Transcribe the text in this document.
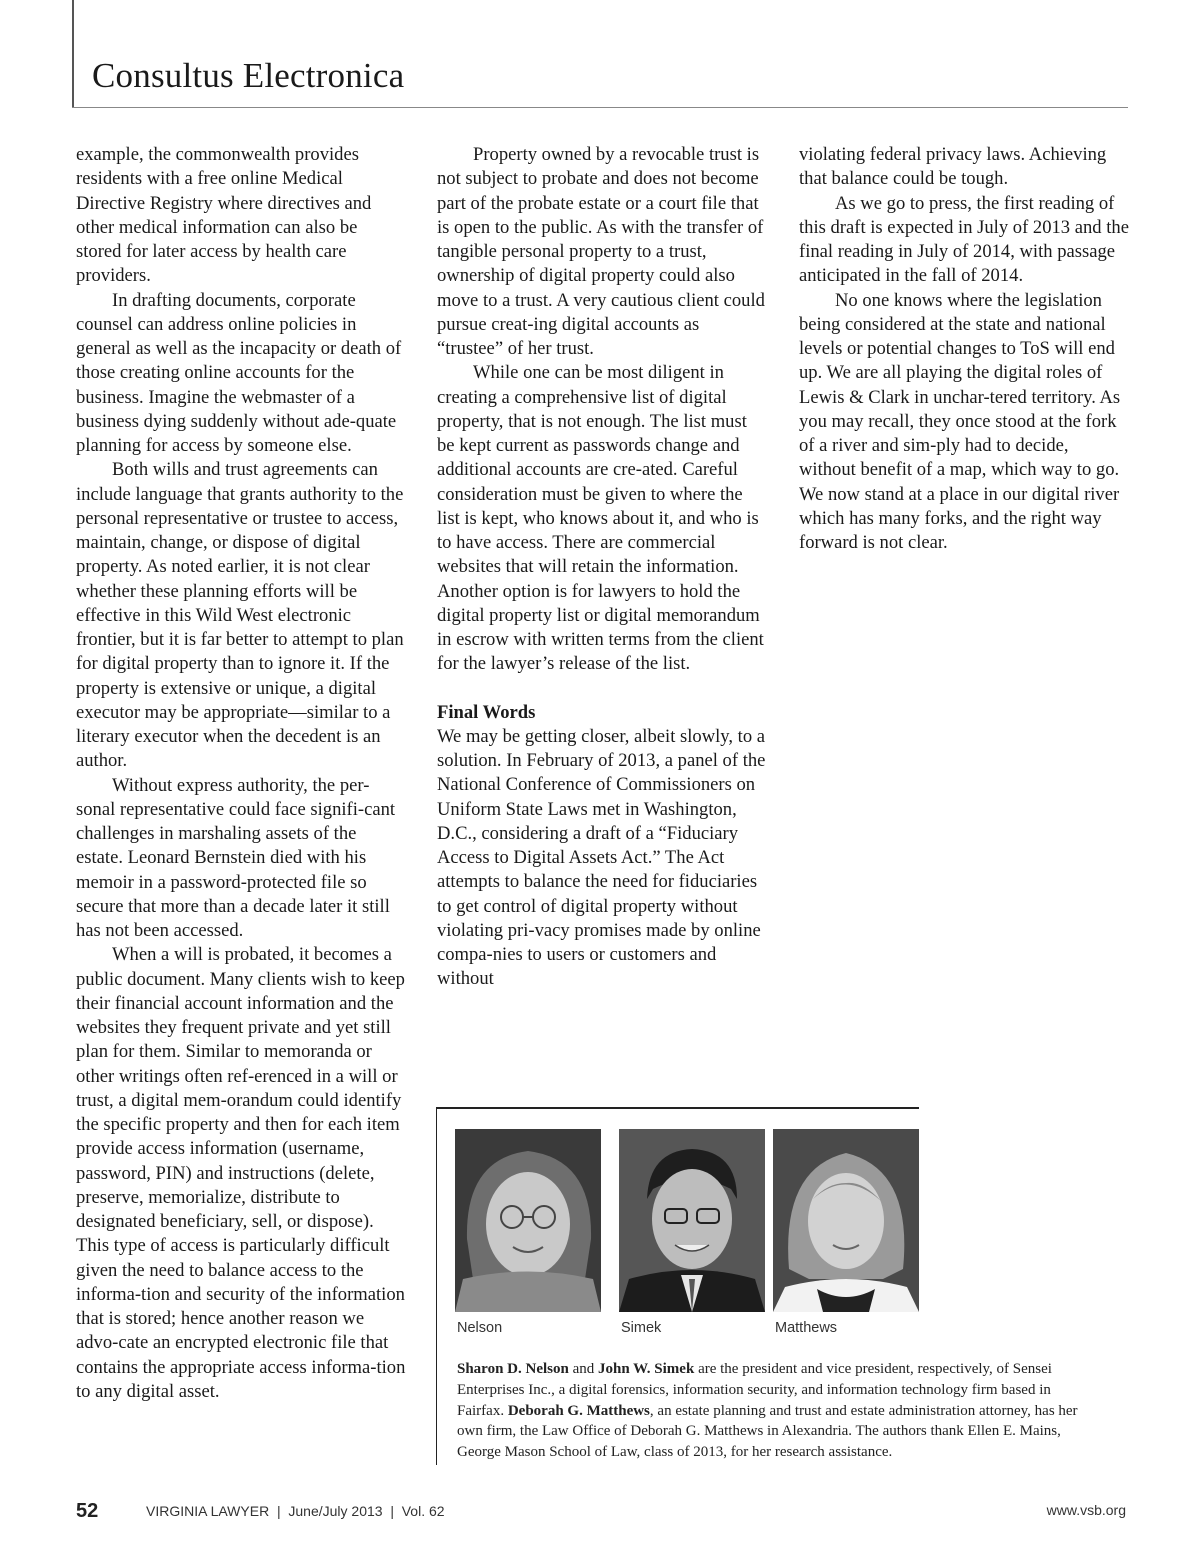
Consultus Electronica

example, the commonwealth provides residents with a free online Medical Directive Registry where directives and other medical information can also be stored for later access by health care providers.

In drafting documents, corporate counsel can address online policies in general as well as the incapacity or death of those creating online accounts for the business. Imagine the webmaster of a business dying suddenly without ade-quate planning for access by someone else.

Both wills and trust agreements can include language that grants authority to the personal representative or trustee to access, maintain, change, or dispose of digital property. As noted earlier, it is not clear whether these planning efforts will be effective in this Wild West electronic frontier, but it is far better to attempt to plan for digital property than to ignore it. If the property is extensive or unique, a digital executor may be appropriate—similar to a literary executor when the decedent is an author.

Without express authority, the per-sonal representative could face signifi-cant challenges in marshaling assets of the estate. Leonard Bernstein died with his memoir in a password-protected file so secure that more than a decade later it still has not been accessed.

When a will is probated, it becomes a public document. Many clients wish to keep their financial account information and the websites they frequent private and yet still plan for them. Similar to memoranda or other writings often ref-erenced in a will or trust, a digital mem-orandum could identify the specific property and then for each item provide access information (username, password, PIN) and instructions (delete, preserve, memorialize, distribute to designated beneficiary, sell, or dispose). This type of access is particularly difficult given the need to balance access to the informa-tion and security of the information that is stored; hence another reason we advo-cate an encrypted electronic file that contains the appropriate access informa-tion to any digital asset.

Property owned by a revocable trust is not subject to probate and does not become part of the probate estate or a court file that is open to the public. As with the transfer of tangible personal property to a trust, ownership of digital property could also move to a trust. A very cautious client could pursue creat-ing digital accounts as “trustee” of her trust.

While one can be most diligent in creating a comprehensive list of digital property, that is not enough. The list must be kept current as passwords change and additional accounts are cre-ated. Careful consideration must be given to where the list is kept, who knows about it, and who is to have access. There are commercial websites that will retain the information. Another option is for lawyers to hold the digital property list or digital memorandum in escrow with written terms from the client for the lawyer’s release of the list.

Final Words

We may be getting closer, albeit slowly, to a solution. In February of 2013, a panel of the National Conference of Commissioners on Uniform State Laws met in Washington, D.C., considering a draft of a “Fiduciary Access to Digital Assets Act.” The Act attempts to balance the need for fiduciaries to get control of digital property without violating pri-vacy promises made by online compa-nies to users or customers and without

violating federal privacy laws. Achieving that balance could be tough.

As we go to press, the first reading of this draft is expected in July of 2013 and the final reading in July of 2014, with passage anticipated in the fall of 2014.

No one knows where the legislation being considered at the state and national levels or potential changes to ToS will end up. We are all playing the digital roles of Lewis & Clark in unchar-tered territory. As you may recall, they once stood at the fork of a river and sim-ply had to decide, without benefit of a map, which way to go. We now stand at a place in our digital river which has many forks, and the right way forward is not clear.

Nelson	Simek	Matthews

Sharon D. Nelson and John W. Simek are the president and vice president, respectively, of Sensei Enterprises Inc., a digital forensics, information security, and information technology firm based in Fairfax. Deborah G. Matthews, an estate planning and trust and estate administration attorney, has her own firm, the Law Office of Deborah G. Matthews in Alexandria. The authors thank Ellen E. Mains, George Mason School of Law, class of 2013, for her research assistance.

52	VIRGINIA LAWYER  |  June/July 2013  |  Vol. 62	www.vsb.org
